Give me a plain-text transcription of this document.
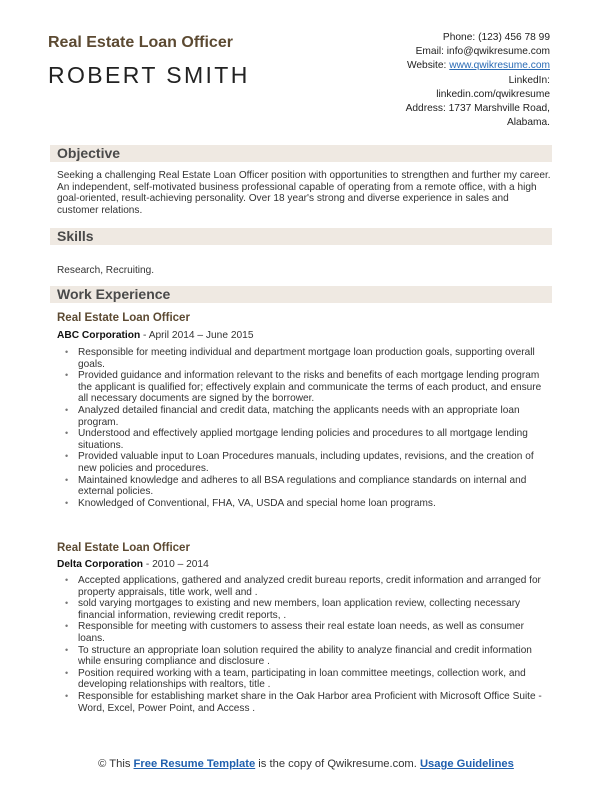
Real Estate Loan Officer
ROBERT SMITH
Phone: (123) 456 78 99
Email: info@qwikresume.com
Website: www.qwikresume.com
LinkedIn:
linkedin.com/qwikresume
Address: 1737 Marshville Road,
Alabama.
Objective
Seeking a challenging Real Estate Loan Officer position with opportunities to strengthen and further my career. An independent, self-motivated business professional capable of operating from a remote office, with a high goal-oriented, result-achieving personality. Over 18 year's strong and diverse experience in sales and customer relations.
Skills
Research, Recruiting.
Work Experience
Real Estate Loan Officer
ABC Corporation - April 2014 – June 2015
• Responsible for meeting individual and department mortgage loan production goals, supporting overall goals.
• Provided guidance and information relevant to the risks and benefits of each mortgage lending program the applicant is qualified for; effectively explain and communicate the terms of each product, and ensure all necessary documents are signed by the borrower.
• Analyzed detailed financial and credit data, matching the applicants needs with an appropriate loan program.
• Understood and effectively applied mortgage lending policies and procedures to all mortgage lending situations.
• Provided valuable input to Loan Procedures manuals, including updates, revisions, and the creation of new policies and procedures.
• Maintained knowledge and adheres to all BSA regulations and compliance standards on internal and external policies.
• Knowledged of Conventional, FHA, VA, USDA and special home loan programs.
Real Estate Loan Officer
Delta Corporation - 2010 – 2014
• Accepted applications, gathered and analyzed credit bureau reports, credit information and arranged for property appraisals, title work, well and .
• sold varying mortgages to existing and new members, loan application review, collecting necessary financial information, reviewing credit reports, .
• Responsible for meeting with customers to assess their real estate loan needs, as well as consumer loans.
• To structure an appropriate loan solution required the ability to analyze financial and credit information while ensuring compliance and disclosure .
• Position required working with a team, participating in loan committee meetings, collection work, and developing relationships with realtors, title .
• Responsible for establishing market share in the Oak Harbor area Proficient with Microsoft Office Suite - Word, Excel, Power Point, and Access .
© This Free Resume Template is the copy of Qwikresume.com. Usage Guidelines
